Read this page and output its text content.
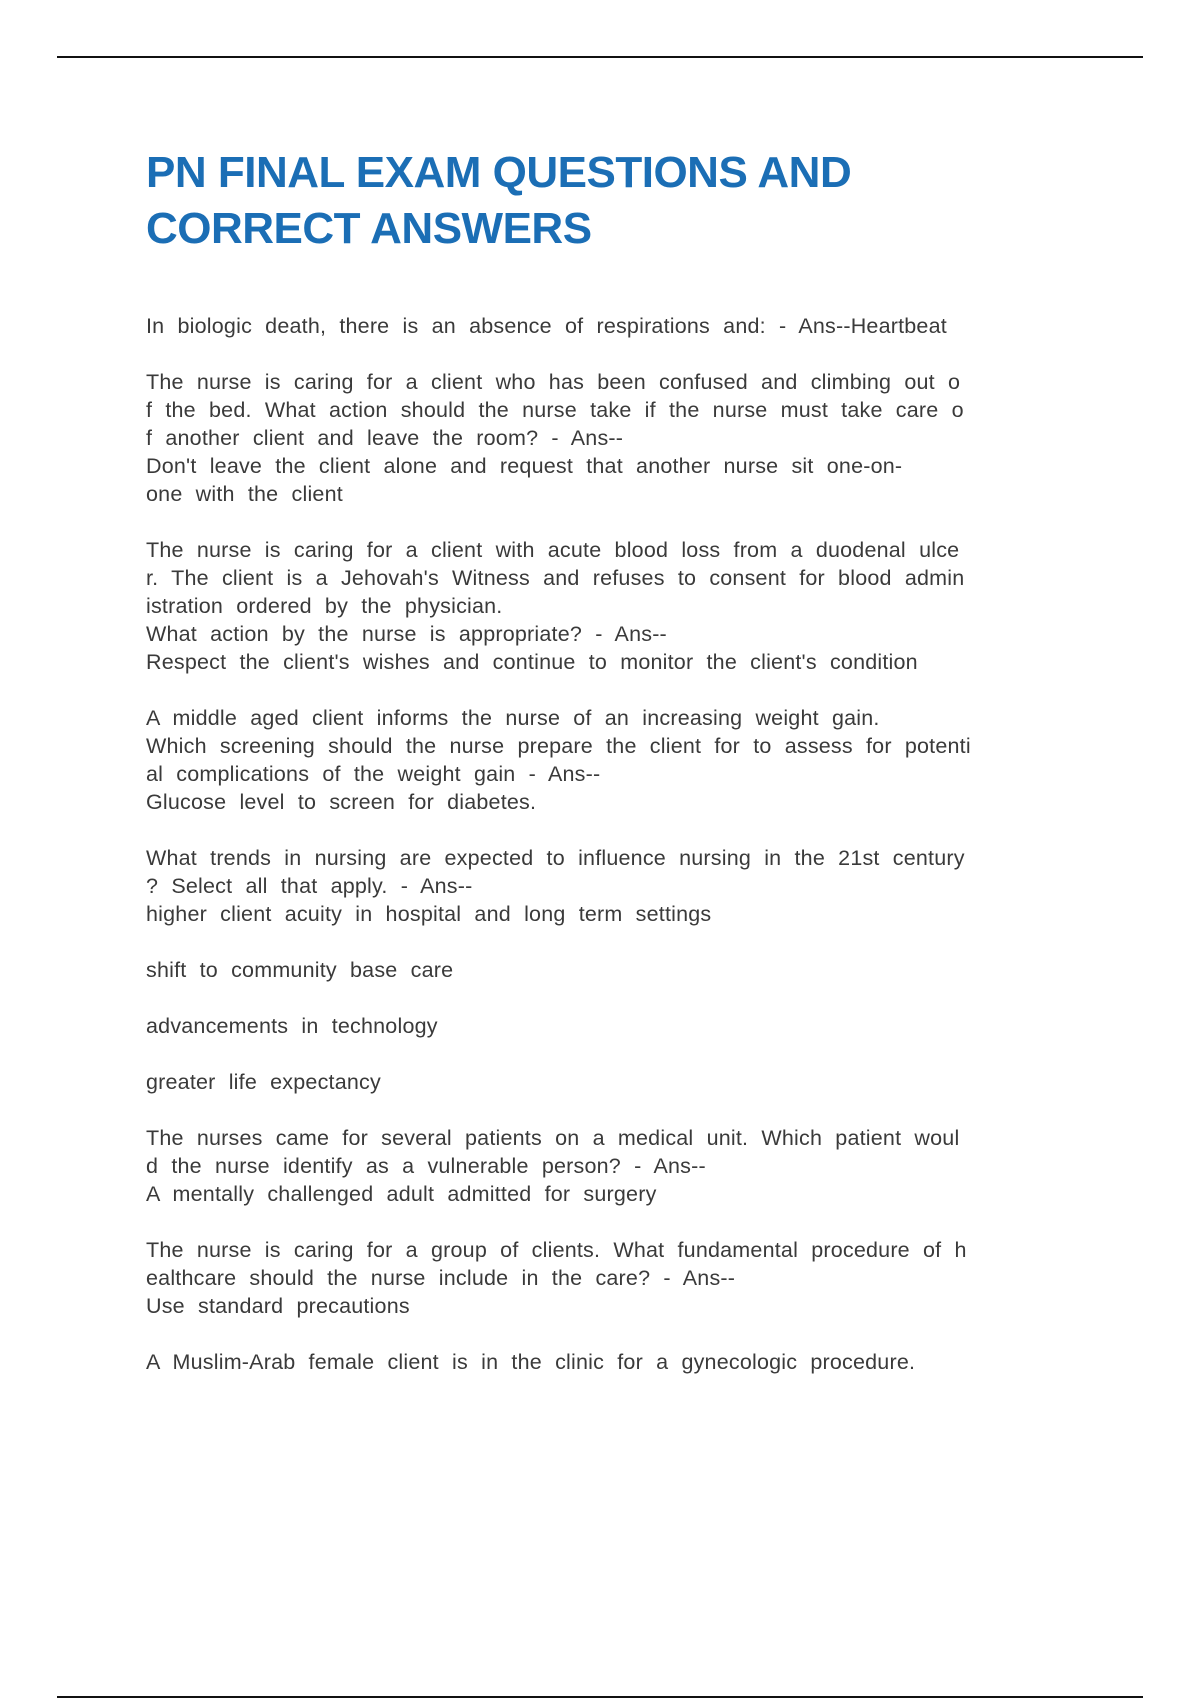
PN FINAL EXAM QUESTIONS AND
CORRECT ANSWERS

In biologic death, there is an absence of respirations and: - Ans--Heartbeat

The nurse is caring for a client who has been confused and climbing out o
f the bed. What action should the nurse take if the nurse must take care o
f another client and leave the room? - Ans--
Don't leave the client alone and request that another nurse sit one-on-
one with the client

The nurse is caring for a client with acute blood loss from a duodenal ulce
r. The client is a Jehovah's Witness and refuses to consent for blood admin
istration ordered by the physician.
What action by the nurse is appropriate? - Ans--
Respect the client's wishes and continue to monitor the client's condition

A middle aged client informs the nurse of an increasing weight gain.
Which screening should the nurse prepare the client for to assess for potenti
al complications of the weight gain - Ans--
Glucose level to screen for diabetes.

What trends in nursing are expected to influence nursing in the 21st century
? Select all that apply. - Ans--
higher client acuity in hospital and long term settings

shift to community base care

advancements in technology

greater life expectancy

The nurses came for several patients on a medical unit. Which patient woul
d the nurse identify as a vulnerable person? - Ans--
A mentally challenged adult admitted for surgery

The nurse is caring for a group of clients. What fundamental procedure of h
ealthcare should the nurse include in the care? - Ans--
Use standard precautions

A Muslim-Arab female client is in the clinic for a gynecologic procedure.
